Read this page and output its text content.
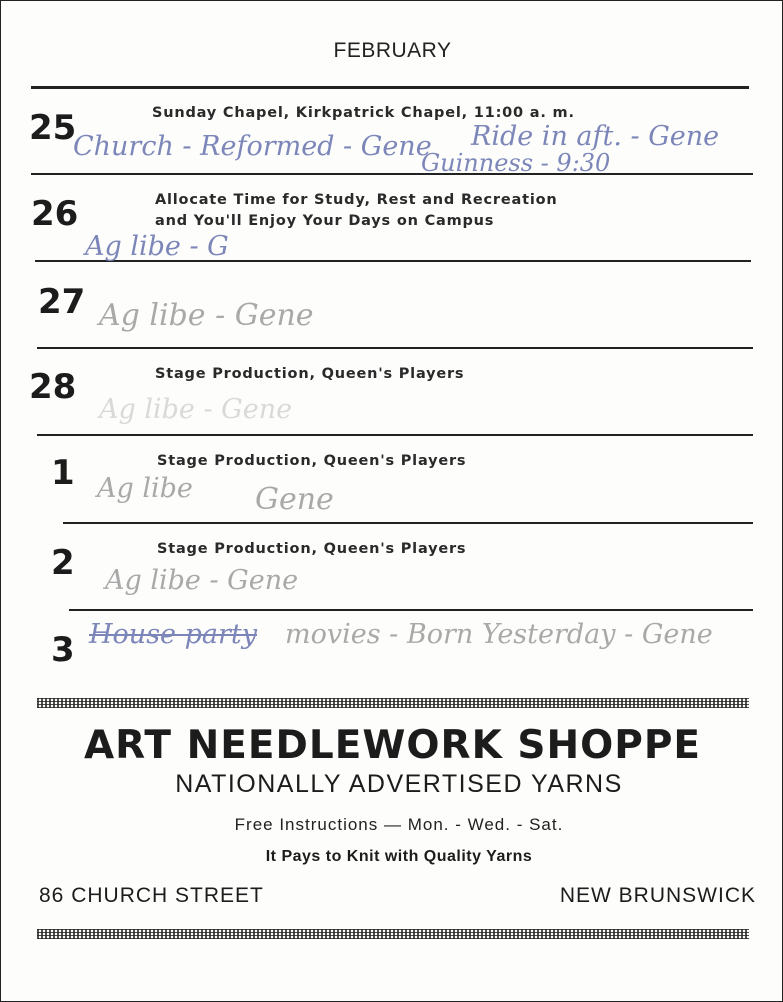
FEBRUARY
25	Sunday Chapel, Kirkpatrick Chapel, 11:00 a. m.
Church - Reformed - Gene Ride in aft. - Gene
Guinness - 9:30
26	Allocate Time for Study, Rest and Recreation
and You'll Enjoy Your Days on Campus
Ag libe - G
27 Ag libe - Gene
28	Stage Production, Queen's Players
Ag libe - Gene
1	Stage Production, Queen's Players
Ag libe Gene
2	Stage Production, Queen's Players
Ag libe - Gene
3 House party movies - Born Yesterday - Gene
ART NEEDLEWORK SHOPPE
NATIONALLY ADVERTISED YARNS
Free Instructions — Mon. - Wed. - Sat.
It Pays to Knit with Quality Yarns
86 CHURCH STREET	NEW BRUNSWICK
